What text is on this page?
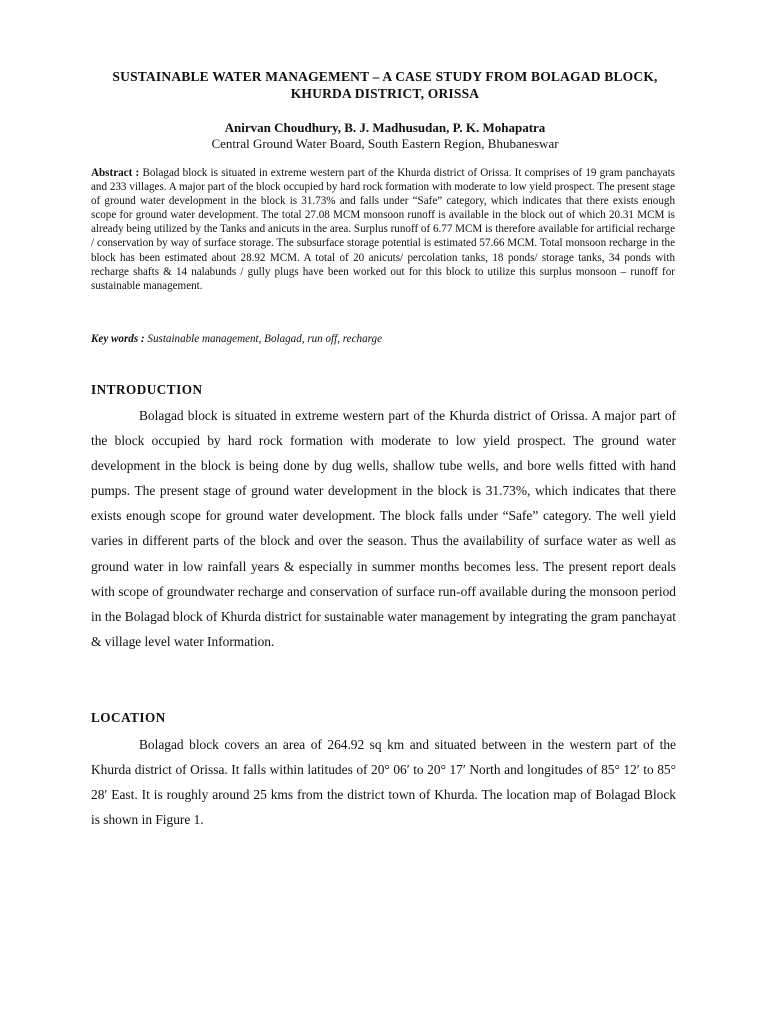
SUSTAINABLE WATER MANAGEMENT – A CASE STUDY FROM BOLAGAD BLOCK, KHURDA DISTRICT, ORISSA
Anirvan Choudhury, B. J. Madhusudan, P. K. Mohapatra
Central Ground Water Board, South Eastern Region, Bhubaneswar
Abstract : Bolagad block is situated in extreme western part of the Khurda district of Orissa. It comprises of 19 gram panchayats and 233 villages. A major part of the block occupied by hard rock formation with moderate to low yield prospect. The present stage of ground water development in the block is 31.73% and falls under “Safe” category, which indicates that there exists enough scope for ground water development. The total 27.08 MCM monsoon runoff is available in the block out of which 20.31 MCM is already being utilized by the Tanks and anicuts in the area. Surplus runoff of 6.77 MCM is therefore available for artificial recharge / conservation by way of surface storage. The subsurface storage potential is estimated 57.66 MCM. Total monsoon recharge in the block has been estimated about 28.92 MCM. A total of 20 anicuts/ percolation tanks, 18 ponds/ storage tanks, 34 ponds with recharge shafts & 14 nalabunds / gully plugs have been worked out for this block to utilize this surplus monsoon – runoff for sustainable management.
Key words : Sustainable management, Bolagad, run off, recharge
INTRODUCTION
Bolagad block is situated in extreme western part of the Khurda district of Orissa. A major part of the block occupied by hard rock formation with moderate to low yield prospect. The ground water development in the block is being done by dug wells, shallow tube wells, and bore wells fitted with hand pumps. The present stage of ground water development in the block is 31.73%, which indicates that there exists enough scope for ground water development. The block falls under “Safe” category. The well yield varies in different parts of the block and over the season. Thus the availability of surface water as well as ground water in low rainfall years & especially in summer months becomes less. The present report deals with scope of groundwater recharge and conservation of surface run-off available during the monsoon period in the Bolagad block of Khurda district for sustainable water management by integrating the gram panchayat & village level water Information.
LOCATION
Bolagad block covers an area of 264.92 sq km and situated between in the western part of the Khurda district of Orissa. It falls within latitudes of 20° 06′ to 20° 17′ North and longitudes of 85° 12′ to 85° 28′ East. It is roughly around 25 kms from the district town of Khurda. The location map of Bolagad Block is shown in Figure 1.
